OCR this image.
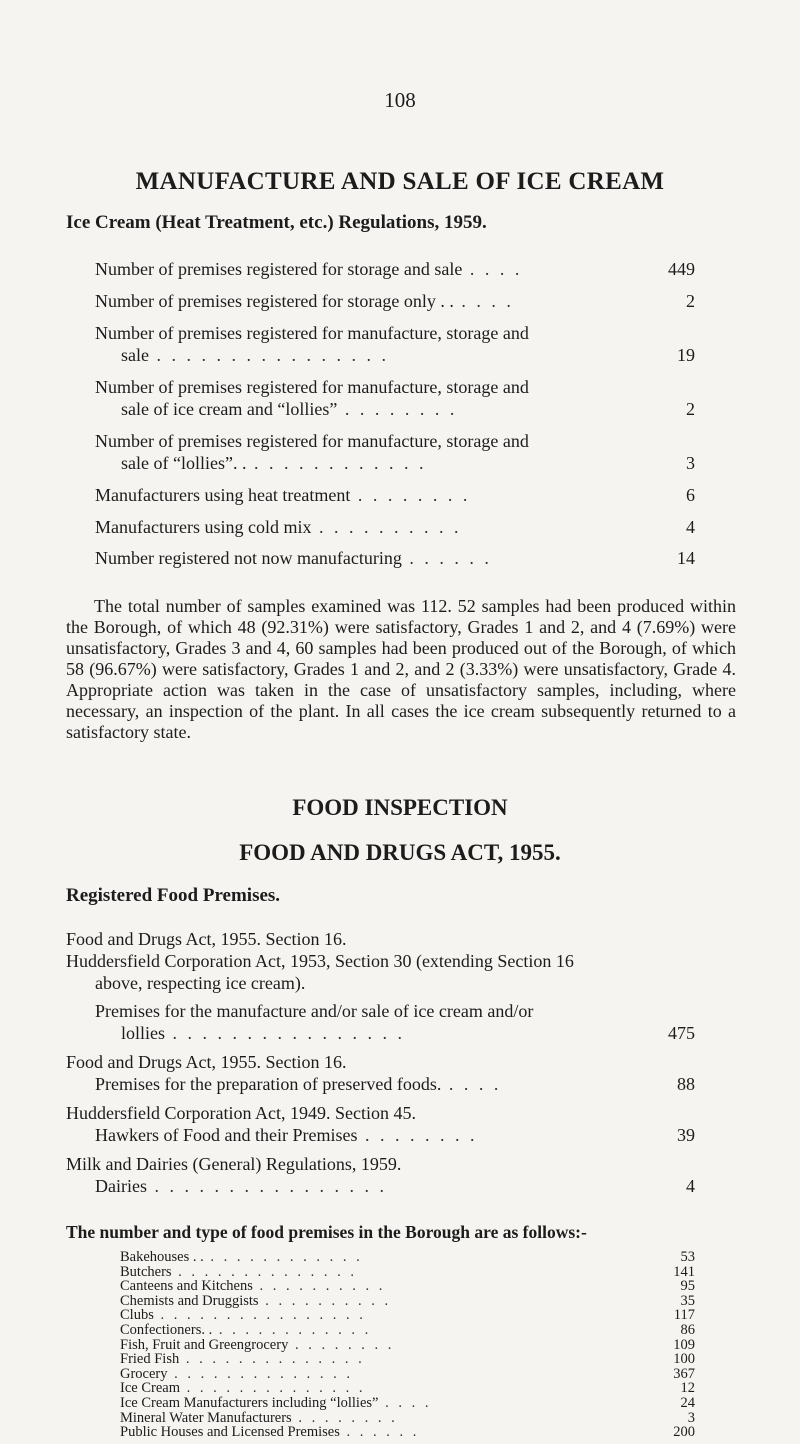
108
MANUFACTURE AND SALE OF ICE CREAM
Ice Cream (Heat Treatment, etc.) Regulations, 1959.
Number of premises registered for storage and sale . . . .	449
Number of premises registered for storage only . . . . . .	2
Number of premises registered for manufacture, storage and
sale . . . . . . . . . . . . . . . .	19
Number of premises registered for manufacture, storage and
sale of ice cream and “lollies” . . . . . . . .	2
Number of premises registered for manufacture, storage and
sale of “lollies”. . . . . . . . . . . . . .	3
Manufacturers using heat treatment . . . . . . . .	6
Manufacturers using cold mix . . . . . . . . . .	4
Number registered not now manufacturing . . . . . .	14
The total number of samples examined was 112. 52 samples had been produced within the Borough, of which 48 (92.31%) were satisfactory, Grades 1 and 2, and 4 (7.69%) were unsatisfactory, Grades 3 and 4, 60 samples had been produced out of the Borough, of which 58 (96.67%) were satisfactory, Grades 1 and 2, and 2 (3.33%) were unsatisfactory, Grade 4. Appropriate action was taken in the case of unsatisfactory samples, including, where necessary, an inspection of the plant. In all cases the ice cream subsequently returned to a satisfactory state.
FOOD INSPECTION
FOOD AND DRUGS ACT, 1955.
Registered Food Premises.
Food and Drugs Act, 1955. Section 16.
Huddersfield Corporation Act, 1953, Section 30 (extending Section 16
above, respecting ice cream).
Premises for the manufacture and/or sale of ice cream and/or
lollies . . . . . . . . . . . . . . . .	475
Food and Drugs Act, 1955. Section 16.
Premises for the preparation of preserved foods. . . . .	88
Huddersfield Corporation Act, 1949. Section 45.
Hawkers of Food and their Premises . . . . . . . .	39
Milk and Dairies (General) Regulations, 1959.
Dairies . . . . . . . . . . . . . . . .	4
The number and type of food premises in the Borough are as follows:-
Bakehouses . . . . . . . . . . . . . .	53
Butchers . . . . . . . . . . . . . .	141
Canteens and Kitchens . . . . . . . . . .	95
Chemists and Druggists . . . . . . . . . .	35
Clubs . . . . . . . . . . . . . . . .	117
Confectioners. . . . . . . . . . . . . .	86
Fish, Fruit and Greengrocery . . . . . . . .	109
Fried Fish . . . . . . . . . . . . . .	100
Grocery . . . . . . . . . . . . . .	367
Ice Cream . . . . . . . . . . . . . .	12
Ice Cream Manufacturers including “lollies” . . . .	24
Mineral Water Manufacturers . . . . . . . .	3
Public Houses and Licensed Premises . . . . . .	200
